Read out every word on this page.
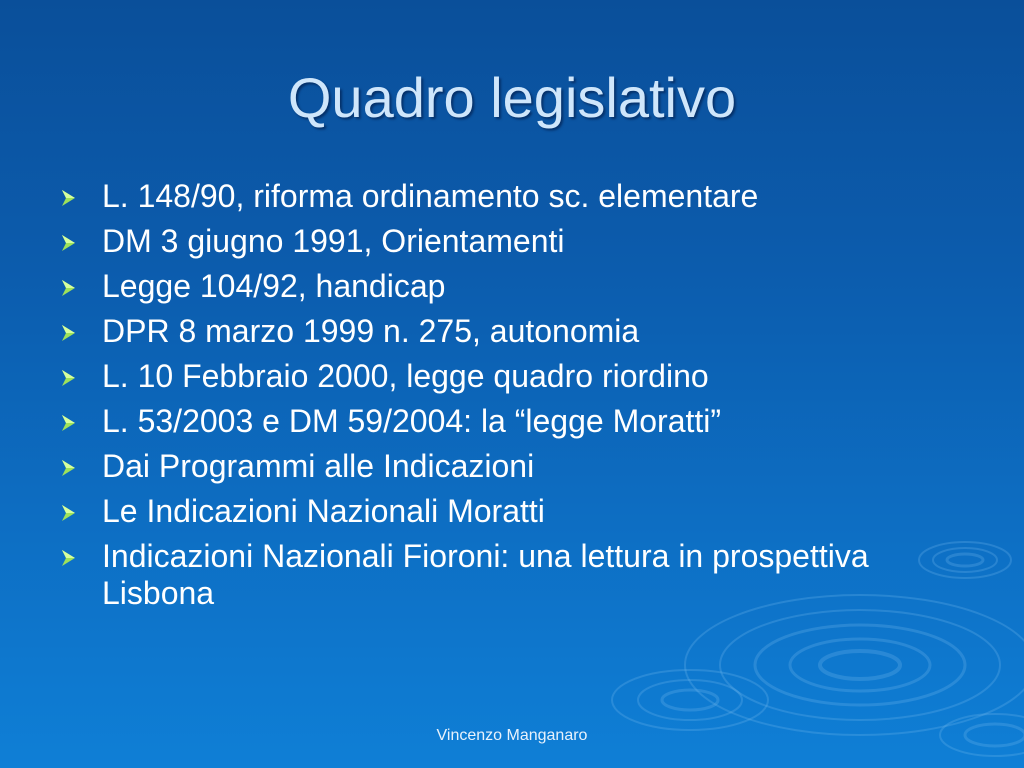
Quadro legislativo
L. 148/90, riforma ordinamento sc. elementare
DM 3 giugno 1991, Orientamenti
Legge 104/92, handicap
DPR 8 marzo 1999 n. 275, autonomia
L. 10 Febbraio 2000, legge quadro riordino
L. 53/2003 e DM 59/2004: la “legge Moratti”
Dai Programmi alle Indicazioni
Le Indicazioni Nazionali Moratti
Indicazioni Nazionali Fioroni: una lettura in prospettiva Lisbona
Vincenzo Manganaro
